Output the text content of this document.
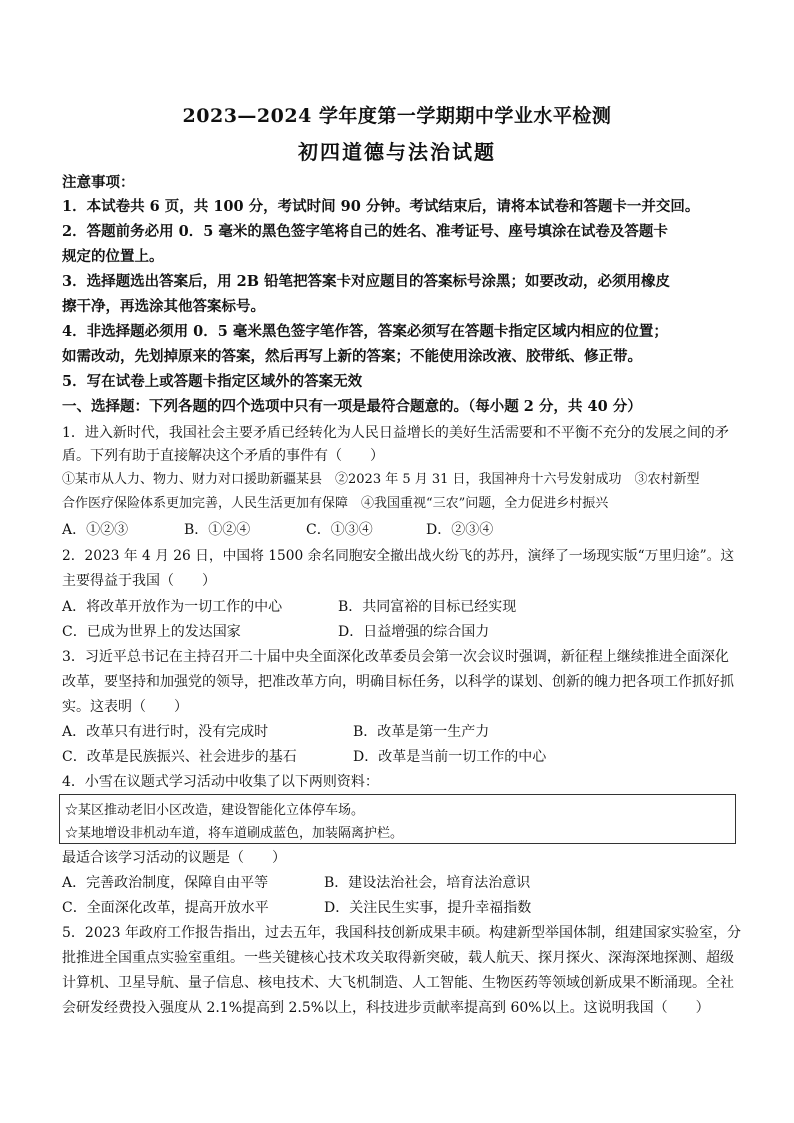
2023—2024 学年度第一学期期中学业水平检测
初四道德与法治试题
注意事项：
1．本试卷共 6 页，共 100 分，考试时间 90 分钟。考试结束后，请将本试卷和答题卡一并交回。
2．答题前务必用 0．5 毫米的黑色签字笔将自己的姓名、准考证号、座号填涂在试卷及答题卡
规定的位置上。
3．选择题选出答案后，用 2B 铅笔把答案卡对应题目的答案标号涂黑；如要改动，必须用橡皮
擦干净，再选涂其他答案标号。
4．非选择题必须用 0．5 毫米黑色签字笔作答，答案必须写在答题卡指定区域内相应的位置；
如需改动，先划掉原来的答案，然后再写上新的答案；不能使用涂改液、胶带纸、修正带。
5．写在试卷上或答题卡指定区域外的答案无效
一、选择题：下列各题的四个选项中只有一项是最符合题意的。（每小题 2 分，共 40 分）
1．进入新时代，我国社会主要矛盾已经转化为人民日益增长的美好生活需要和不平衡不充分的发展之间的矛
盾。下列有助于直接解决这个矛盾的事件有（　　）
①某市从人力、物力、财力对口援助新疆某县　②2023 年 5 月 31 日，我国神舟十六号发射成功　③农村新型
合作医疗保险体系更加完善，人民生活更加有保障　④我国重视“三农”问题，全力促进乡村振兴
A．①②③	B．①②④	C．①③④	D．②③④
2．2023 年 4 月 26 日，中国将 1500 余名同胞安全撤出战火纷飞的苏丹，演绎了一场现实版“万里归途”。这
主要得益于我国（　　）
A．将改革开放作为一切工作的中心	B．共同富裕的目标已经实现
C．已成为世界上的发达国家	D．日益增强的综合国力
3．习近平总书记在主持召开二十届中央全面深化改革委员会第一次会议时强调，新征程上继续推进全面深化
改革，要坚持和加强党的领导，把准改革方向，明确目标任务，以科学的谋划、创新的魄力把各项工作抓好抓
实。这表明（　　）
A．改革只有进行时，没有完成时	B．改革是第一生产力
C．改革是民族振兴、社会进步的基石	D．改革是当前一切工作的中心
4．小雪在议题式学习活动中收集了以下两则资料：
☆某区推动老旧小区改造，建设智能化立体停车场。
☆某地增设非机动车道，将车道刷成蓝色，加装隔离护栏。
最适合该学习活动的议题是（　　）
A．完善政治制度，保障自由平等	B．建设法治社会，培育法治意识
C．全面深化改革，提高开放水平	D．关注民生实事，提升幸福指数
5．2023 年政府工作报告指出，过去五年，我国科技创新成果丰硕。构建新型举国体制，组建国家实验室，分
批推进全国重点实验室重组。一些关键核心技术攻关取得新突破，载人航天、探月探火、深海深地探测、超级
计算机、卫星导航、量子信息、核电技术、大飞机制造、人工智能、生物医药等领域创新成果不断涌现。全社
会研发经费投入强度从 2.1%提高到 2.5%以上，科技进步贡献率提高到 60%以上。这说明我国（　　）
